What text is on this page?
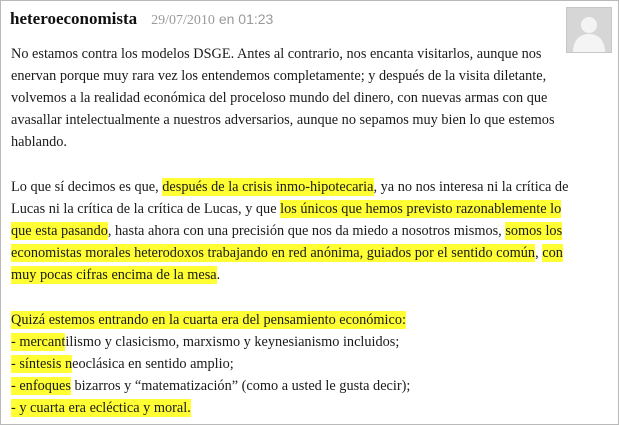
heteroeconomista 29/07/2010 en 01:23

No estamos contra los modelos DSGE. Antes al contrario, nos encanta visitarlos, aunque nos enervan porque muy rara vez los entendemos completamente; y después de la visita diletante, volvemos a la realidad económica del proceloso mundo del dinero, con nuevas armas con que avasallar intelectualmente a nuestros adversarios, aunque no sepamos muy bien lo que estemos hablando.

Lo que sí decimos es que, después de la crisis inmo-hipotecaria, ya no nos interesa ni la crítica de Lucas ni la crítica de la crítica de Lucas, y que los únicos que hemos previsto razonablemente lo que esta pasando, hasta ahora con una precisión que nos da miedo a nosotros mismos, somos los economistas morales heterodoxos trabajando en red anónima, guiados por el sentido común, con muy pocas cifras encima de la mesa.

Quizá estemos entrando en la cuarta era del pensamiento económico:
- mercantilismo y clasicismo, marxismo y keynesianismo incluidos;
- síntesis neoclásica en sentido amplio;
- enfoques bizarros y “matematización” (como a usted le gusta decir);
- y cuarta era ecléctica y moral.
